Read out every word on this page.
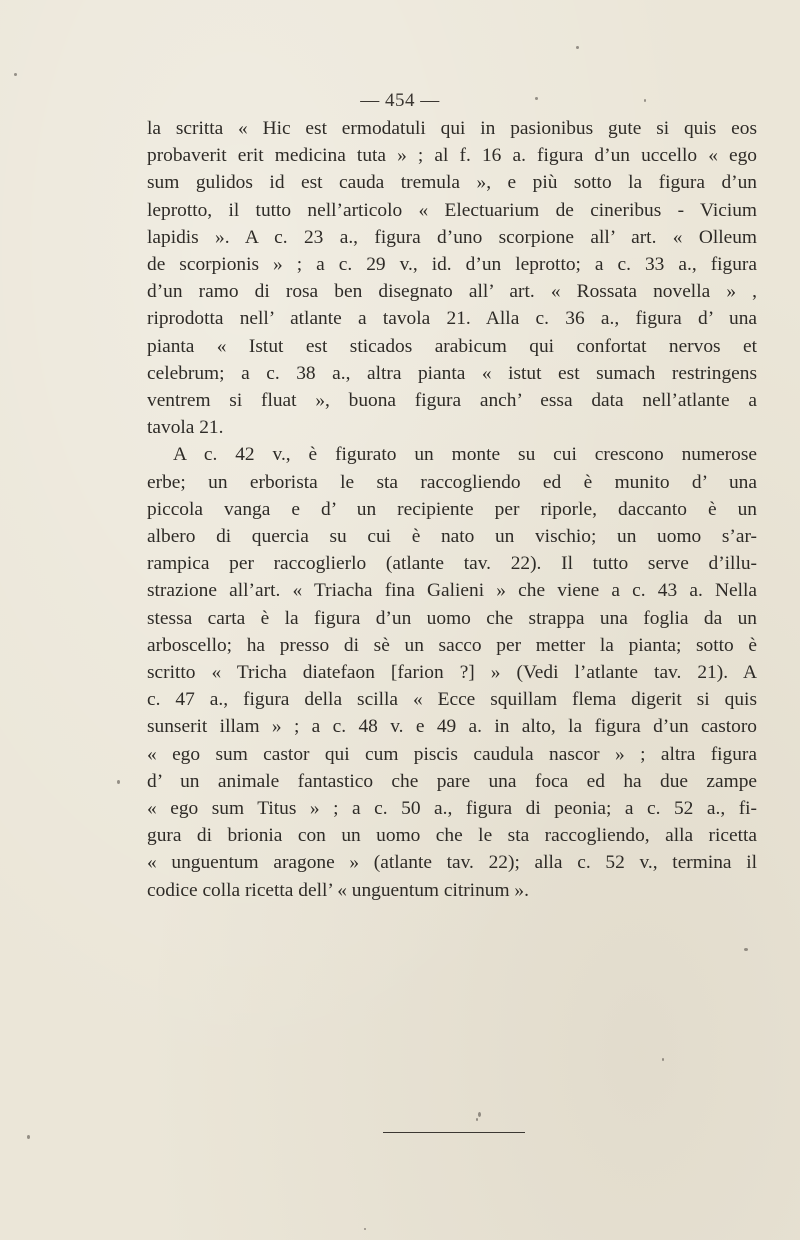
— 454 —
la scritta « Hic est ermodatuli qui in pasionibus gute si quis eos
probaverit erit medicina tuta » ; al f. 16 a. figura d’un uccello « ego
sum gulidos id est cauda tremula », e più sotto la figura d’un
leprotto, il tutto nell’articolo « Electuarium de cineribus - Vicium
lapidis ». A c. 23 a., figura d’uno scorpione all’ art. « Olleum
de scorpionis » ; a c. 29 v., id. d’un leprotto; a c. 33 a., figura
d’un ramo di rosa ben disegnato all’ art. « Rossata novella » ,
riprodotta nell’ atlante a tavola 21. Alla c. 36 a., figura d’ una
pianta « Istut est sticados arabicum qui confortat nervos et
celebrum; a c. 38 a., altra pianta « istut est sumach restringens
ventrem si fluat », buona figura anch’ essa data nell’atlante a
tavola 21.
A c. 42 v., è figurato un monte su cui crescono numerose
erbe; un erborista le sta raccogliendo ed è munito d’ una
piccola vanga e d’ un recipiente per riporle, daccanto è un
albero di quercia su cui è nato un vischio; un uomo s’ar-
rampica per raccoglierlo (atlante tav. 22). Il tutto serve d’illu-
strazione all’art. « Triacha fina Galieni » che viene a c. 43 a. Nella
stessa carta è la figura d’un uomo che strappa una foglia da un
arboscello; ha presso di sè un sacco per metter la pianta; sotto è
scritto « Tricha diatefaon [farion ?] » (Vedi l’atlante tav. 21). A
c. 47 a., figura della scilla « Ecce squillam flema digerit si quis
sunserit illam » ; a c. 48 v. e 49 a. in alto, la figura d’un castoro
« ego sum castor qui cum piscis caudula nascor » ; altra figura
d’ un animale fantastico che pare una foca ed ha due zampe
« ego sum Titus » ; a c. 50 a., figura di peonia; a c. 52 a., fi-
gura di brionia con un uomo che le sta raccogliendo, alla ricetta
« unguentum aragone » (atlante tav. 22); alla c. 52 v., termina il
codice colla ricetta dell’ « unguentum citrinum ».
